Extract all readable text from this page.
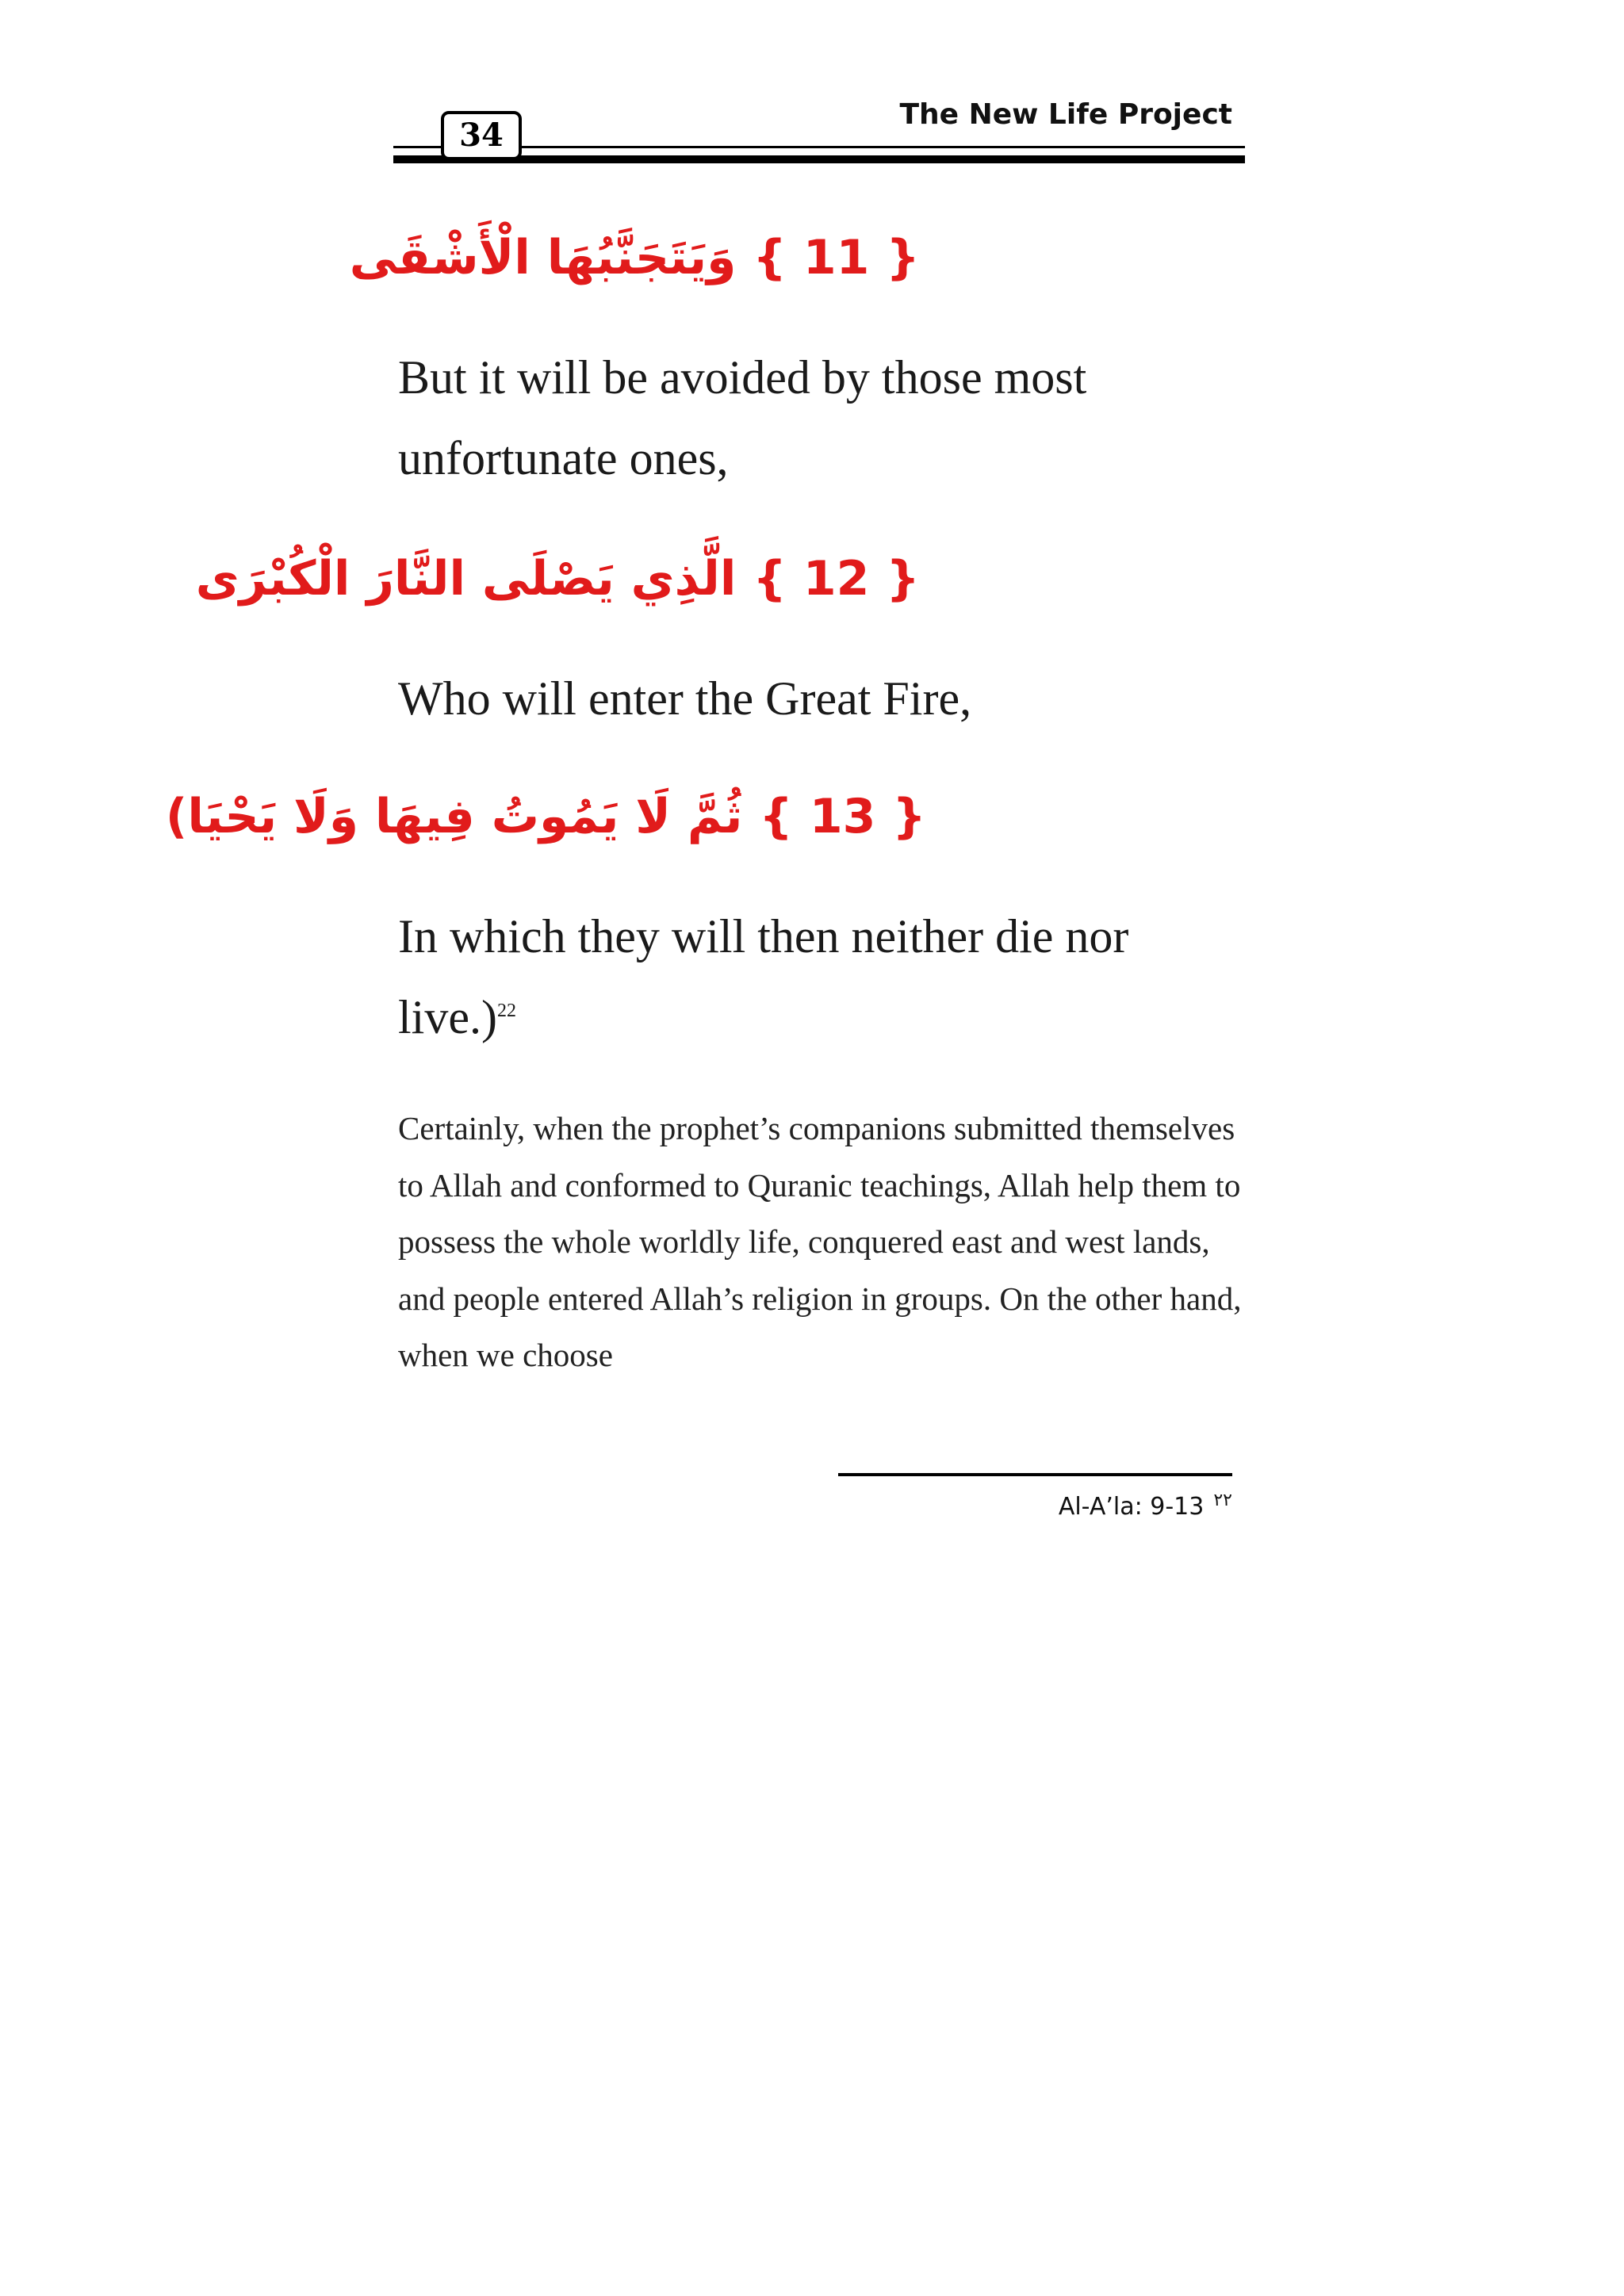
The New Life Project
34
{ 11 } وَيَتَجَنَّبُهَا الْأَشْقَى
But it will be avoided by those most unfortunate ones,
{ 12 } الَّذِي يَصْلَى النَّارَ الْكُبْرَى
Who will enter the Great Fire,
{ 13 } ثُمَّ لَا يَمُوتُ فِيهَا وَلَا يَحْيَا)
In which they will then neither die nor live.)$^{22}$
Certainly, when the prophet’s companions submitted themselves to Allah and conformed to Quranic teachings, Allah help them to possess the whole worldly life, conquered east and west lands, and people entered Allah’s religion in groups. On the other hand, when we choose
Al-A’la: 9-13 $^{٢٢}$
